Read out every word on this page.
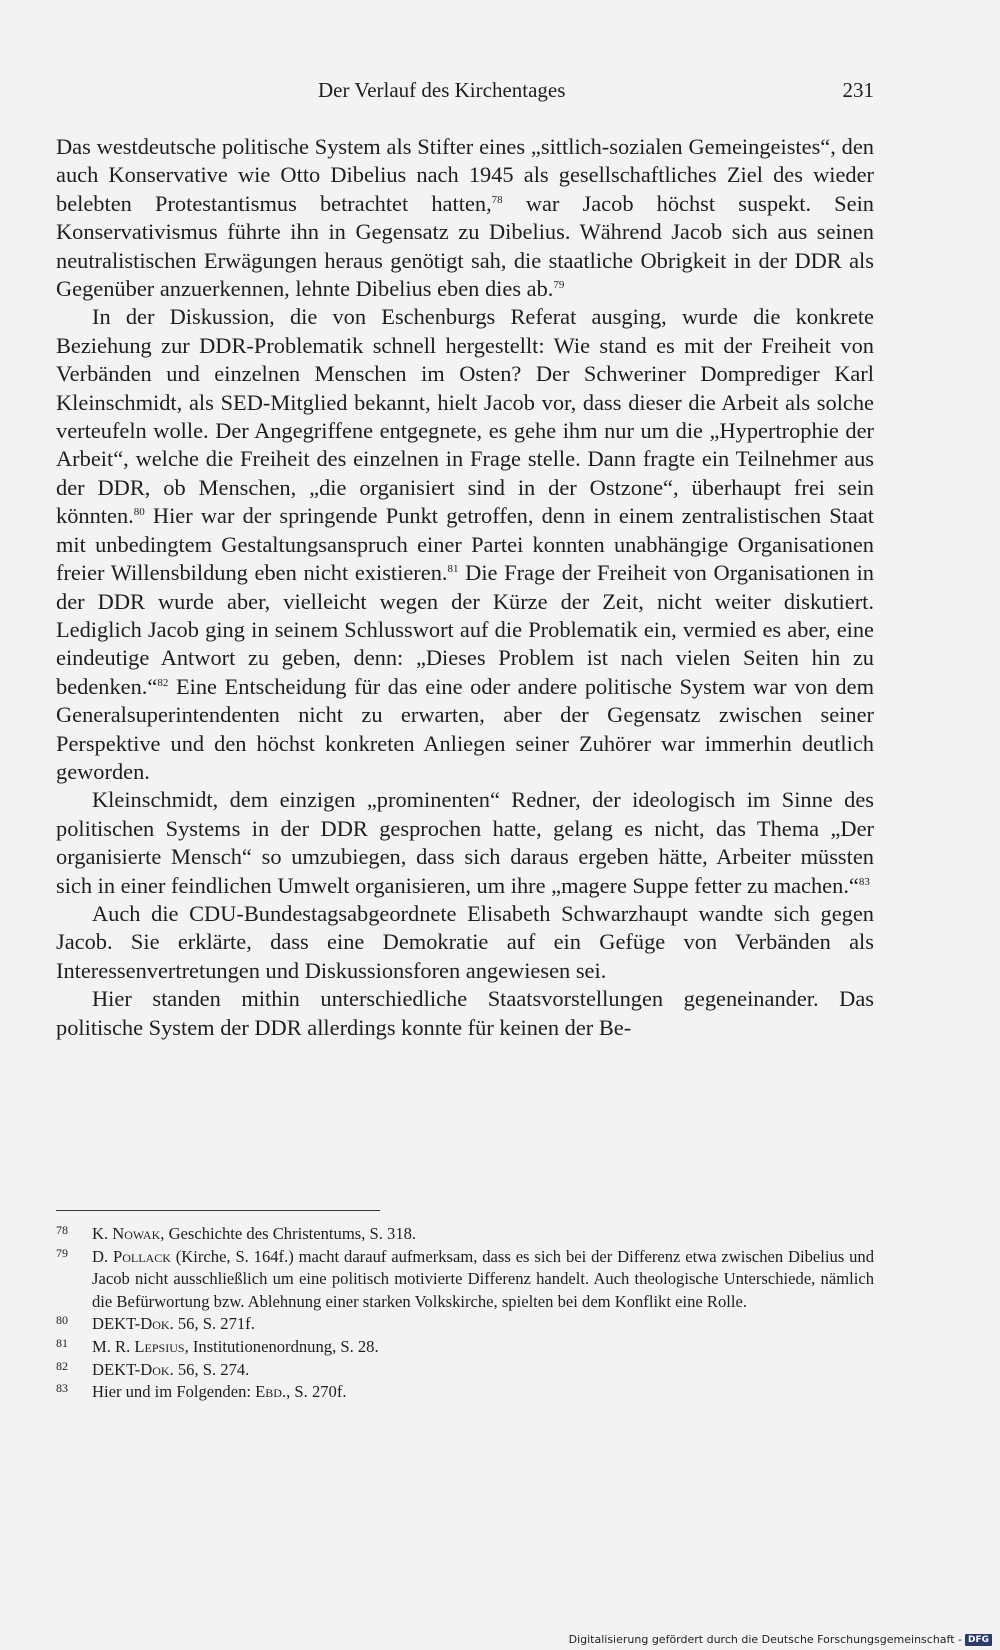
Der Verlauf des Kirchentages	231

Das westdeutsche politische System als Stifter eines „sittlich-sozialen Gemeingeistes“, den auch Konservative wie Otto Dibelius nach 1945 als gesellschaftliches Ziel des wieder belebten Protestantismus betrachtet hatten,$^{78}$ war Jacob höchst suspekt. Sein Konservativismus führte ihn in Gegensatz zu Dibelius. Während Jacob sich aus seinen neutralistischen Erwägungen heraus genötigt sah, die staatliche Obrigkeit in der DDR als Gegenüber anzuerkennen, lehnte Dibelius eben dies ab.$^{79}$

In der Diskussion, die von Eschenburgs Referat ausging, wurde die konkrete Beziehung zur DDR-Problematik schnell hergestellt: Wie stand es mit der Freiheit von Verbänden und einzelnen Menschen im Osten? Der Schweriner Domprediger Karl Kleinschmidt, als SED-Mitglied bekannt, hielt Jacob vor, dass dieser die Arbeit als solche verteufeln wolle. Der Angegriffene entgegnete, es gehe ihm nur um die „Hypertrophie der Arbeit“, welche die Freiheit des einzelnen in Frage stelle. Dann fragte ein Teilnehmer aus der DDR, ob Menschen, „die organisiert sind in der Ostzone“, überhaupt frei sein könnten.$^{80}$ Hier war der springende Punkt getroffen, denn in einem zentralistischen Staat mit unbedingtem Gestaltungsanspruch einer Partei konnten unabhängige Organisationen freier Willensbildung eben nicht existieren.$^{81}$ Die Frage der Freiheit von Organisationen in der DDR wurde aber, vielleicht wegen der Kürze der Zeit, nicht weiter diskutiert. Lediglich Jacob ging in seinem Schlusswort auf die Problematik ein, vermied es aber, eine eindeutige Antwort zu geben, denn: „Dieses Problem ist nach vielen Seiten hin zu bedenken.“$^{82}$ Eine Entscheidung für das eine oder andere politische System war von dem Generalsuperintendenten nicht zu erwarten, aber der Gegensatz zwischen seiner Perspektive und den höchst konkreten Anliegen seiner Zuhörer war immerhin deutlich geworden.

Kleinschmidt, dem einzigen „prominenten“ Redner, der ideologisch im Sinne des politischen Systems in der DDR gesprochen hatte, gelang es nicht, das Thema „Der organisierte Mensch“ so umzubiegen, dass sich daraus ergeben hätte, Arbeiter müssten sich in einer feindlichen Umwelt organisieren, um ihre „magere Suppe fetter zu machen.“$^{83}$

Auch die CDU-Bundestagsabgeordnete Elisabeth Schwarzhaupt wandte sich gegen Jacob. Sie erklärte, dass eine Demokratie auf ein Gefüge von Verbänden als Interessenvertretungen und Diskussionsforen angewiesen sei.

Hier standen mithin unterschiedliche Staatsvorstellungen gegeneinander. Das politische System der DDR allerdings konnte für keinen der Be-

78 K. Nowak, Geschichte des Christentums, S. 318.
79 D. Pollack (Kirche, S. 164f.) macht darauf aufmerksam, dass es sich bei der Differenz etwa zwischen Dibelius und Jacob nicht ausschließlich um eine politisch motivierte Differenz handelt. Auch theologische Unterschiede, nämlich die Befürwortung bzw. Ablehnung einer starken Volkskirche, spielten bei dem Konflikt eine Rolle.
80 DEKT-Dok. 56, S. 271f.
81 M. R. Lepsius, Institutionenordnung, S. 28.
82 DEKT-Dok. 56, S. 274.
83 Hier und im Folgenden: Ebd., S. 270f.
Digitalisierung gefördert durch die Deutsche Forschungsgemeinschaft - DFG
